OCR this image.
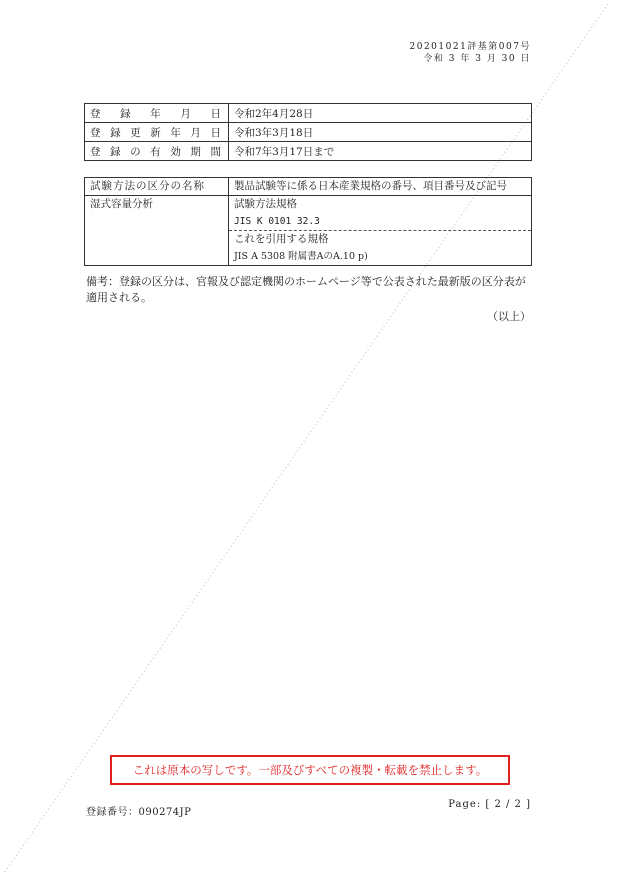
20201021評基第007号
令和 3 年 3 月 30 日
登録年月日	令和2年4月28日
登録更新年月日	令和3年3月18日
登録の有効期間	令和7年3月17日まで
試験方法の区分の名称	製品試験等に係る日本産業規格の番号、項目番号及び記号
湿式容量分析	試験方法規格
JIS K 0101 32.3
これを引用する規格
JIS A 5308 附属書AのA.10 p)
備考：登録の区分は、官報及び認定機関のホームページ等で公表された最新版の区分表が適用される。
（以上）
これは原本の写しです。一部及びすべての複製・転載を禁止します。
登録番号：090274JP
Page: [ 2 / 2 ]
